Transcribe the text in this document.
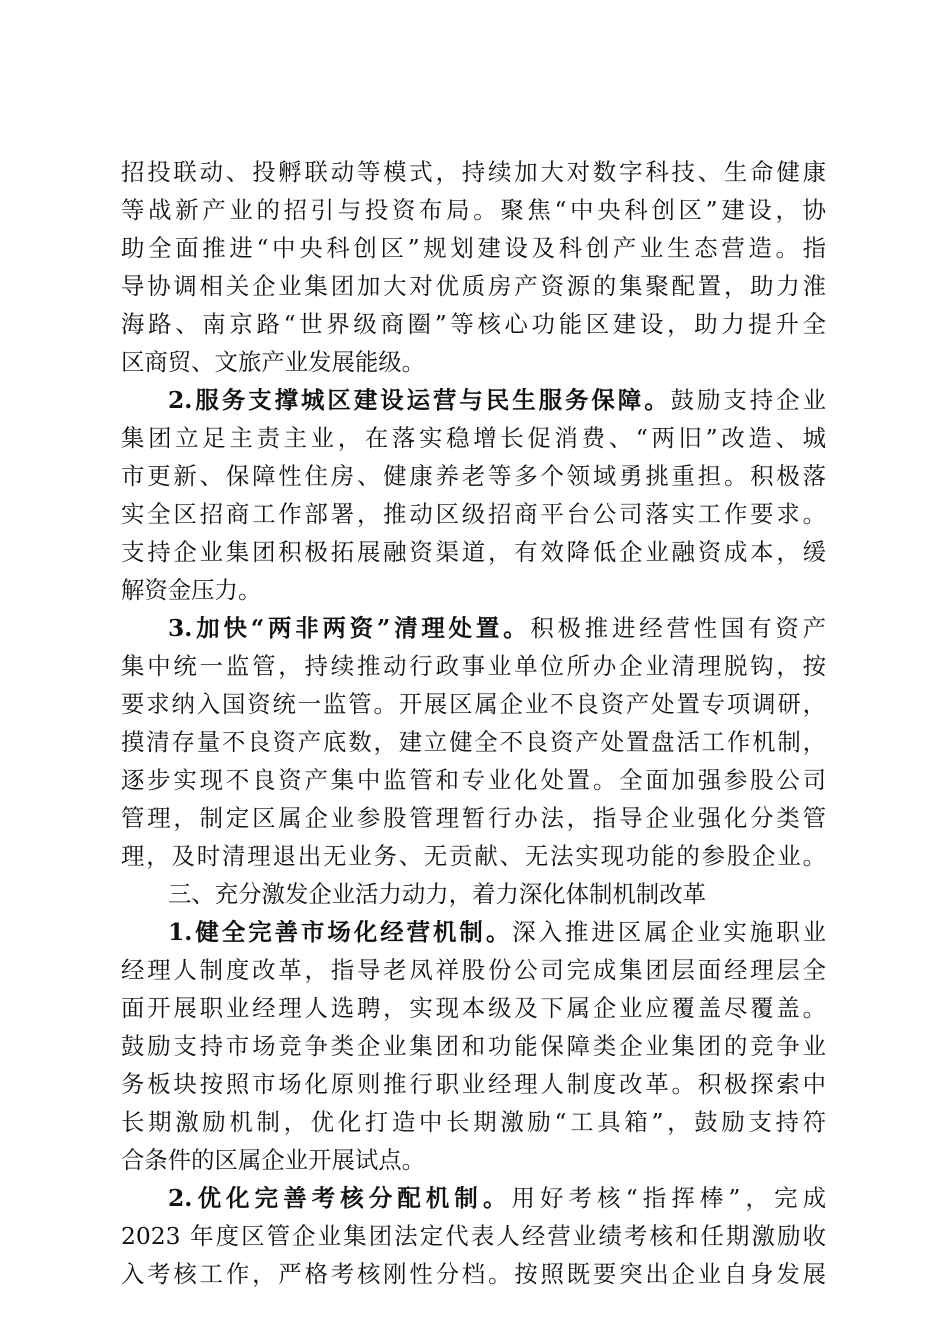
招投联动、投孵联动等模式，持续加大对数字科技、生命健康
等战新产业的招引与投资布局。聚焦“中央科创区”建设，协
助全面推进“中央科创区”规划建设及科创产业生态营造。指
导协调相关企业集团加大对优质房产资源的集聚配置，助力淮
海路、南京路“世界级商圈”等核心功能区建设，助力提升全
区商贸、文旅产业发展能级。
2.服务支撑城区建设运营与民生服务保障。鼓励支持企业
集团立足主责主业，在落实稳增长促消费、“两旧”改造、城
市更新、保障性住房、健康养老等多个领域勇挑重担。积极落
实全区招商工作部署，推动区级招商平台公司落实工作要求。
支持企业集团积极拓展融资渠道，有效降低企业融资成本，缓
解资金压力。
3.加快“两非两资”清理处置。积极推进经营性国有资产
集中统一监管，持续推动行政事业单位所办企业清理脱钩，按
要求纳入国资统一监管。开展区属企业不良资产处置专项调研，
摸清存量不良资产底数，建立健全不良资产处置盘活工作机制，
逐步实现不良资产集中监管和专业化处置。全面加强参股公司
管理，制定区属企业参股管理暂行办法，指导企业强化分类管
理，及时清理退出无业务、无贡献、无法实现功能的参股企业。
三、充分激发企业活力动力，着力深化体制机制改革
1.健全完善市场化经营机制。深入推进区属企业实施职业
经理人制度改革，指导老凤祥股份公司完成集团层面经理层全
面开展职业经理人选聘，实现本级及下属企业应覆盖尽覆盖。
鼓励支持市场竞争类企业集团和功能保障类企业集团的竞争业
务板块按照市场化原则推行职业经理人制度改革。积极探索中
长期激励机制，优化打造中长期激励“工具箱”，鼓励支持符
合条件的区属企业开展试点。
2.优化完善考核分配机制。用好考核“指挥棒”，完成
2023 年度区管企业集团法定代表人经营业绩考核和任期激励收
入考核工作，严格考核刚性分档。按照既要突出企业自身发展
